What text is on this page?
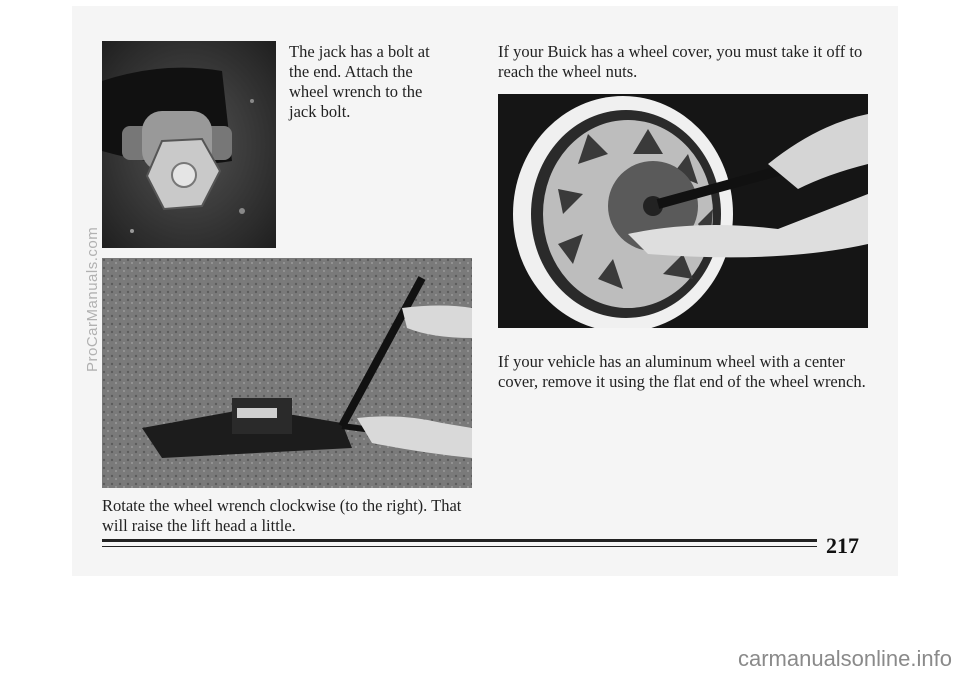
The jack has a bolt at the end. Attach the wheel wrench to the jack bolt.

Rotate the wheel wrench clockwise (to the right). That will raise the lift head a little.

If your Buick has a wheel cover, you must take it off to reach the wheel nuts.

If your vehicle has an aluminum wheel with a center cover, remove it using the flat end of the wheel wrench.

217
ProCarManuals.com
carmanualsonline.info
